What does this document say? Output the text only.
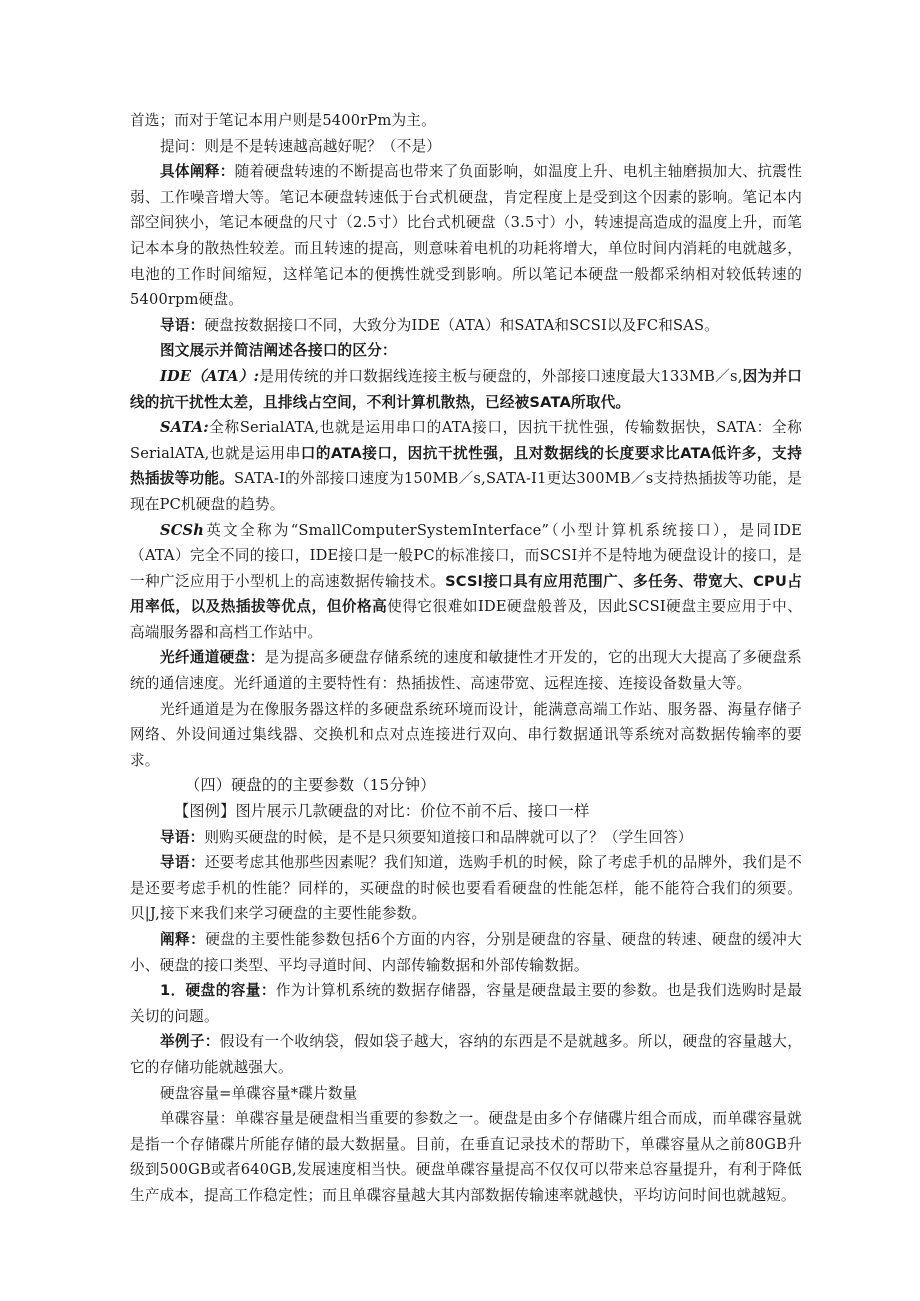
首选；而对于笔记本用户则是5400rPm为主。

提问：则是不是转速越高越好呢？（不是）

具体阐释：随着硬盘转速的不断提高也带来了负面影响，如温度上升、电机主轴磨损加大、抗震性弱、工作噪音增大等。笔记本硬盘转速低于台式机硬盘，肯定程度上是受到这个因素的影响。笔记本内部空间狭小，笔记本硬盘的尺寸（2.5寸）比台式机硬盘（3.5寸）小，转速提高造成的温度上升，而笔记本本身的散热性较差。而且转速的提高，则意味着电机的功耗将增大，单位时间内消耗的电就越多，电池的工作时间缩短，这样笔记本的便携性就受到影响。所以笔记本硬盘一般都采纳相对较低转速的5400rpm硬盘。

导语：硬盘按数据接口不同，大致分为IDE（ATA）和SATA和SCSI以及FC和SAS。

图文展示并简洁阐述各接口的区分：

IDE（ATA）:是用传统的并口数据线连接主板与硬盘的，外部接口速度最大133MB／s,因为并口线的抗干扰性太差，且排线占空间，不利计算机散热，已经被SATA所取代。

SATA:全称SerialATA,也就是运用串口的ATA接口，因抗干扰性强，传输数据快，SATA：全称SerialATA,也就是运用串口的ATA接口，因抗干扰性强，且对数据线的长度要求比ATA低许多，支持热插拔等功能。SATA-I的外部接口速度为150MB／s,SATA-I1更达300MB／s支持热插拔等功能，是现在PC机硬盘的趋势。

SCSh英文全称为“SmallComputerSystemInterface”（小型计算机系统接口），是同IDE（ATA）完全不同的接口，IDE接口是一般PC的标准接口，而SCSI并不是特地为硬盘设计的接口，是一种广泛应用于小型机上的高速数据传输技术。SCSl接口具有应用范围广、多任务、带宽大、CPU占用率低，以及热插拔等优点，但价格高使得它很难如IDE硬盘般普及，因此SCSI硬盘主要应用于中、高端服务器和高档工作站中。

光纤通道硬盘：是为提高多硬盘存储系统的速度和敏捷性才开发的，它的出现大大提高了多硬盘系统的通信速度。光纤通道的主要特性有：热插拔性、高速带宽、远程连接、连接设备数量大等。

光纤通道是为在像服务器这样的多硬盘系统环境而设计，能满意高端工作站、服务器、海量存储子网络、外设间通过集线器、交换机和点对点连接进行双向、串行数据通讯等系统对高数据传输率的要求。

（四）硬盘的的主要参数（15分钟）

【图例】图片展示几款硬盘的对比：价位不前不后、接口一样

导语：则购买硬盘的时候，是不是只须要知道接口和品牌就可以了？（学生回答）

导语：还要考虑其他那些因素呢？我们知道，选购手机的时候，除了考虑手机的品牌外，我们是不是还要考虑手机的性能？同样的，买硬盘的时候也要看看硬盘的性能怎样，能不能符合我们的须要。贝|J,接下来我们来学习硬盘的主要性能参数。

阐释：硬盘的主要性能参数包括6个方面的内容，分别是硬盘的容量、硬盘的转速、硬盘的缓冲大小、硬盘的接口类型、平均寻道时间、内部传输数据和外部传输数据。

1．硬盘的容量：作为计算机系统的数据存储器，容量是硬盘最主要的参数。也是我们选购时是最关切的问题。

举例子：假设有一个收纳袋，假如袋子越大，容纳的东西是不是就越多。所以，硬盘的容量越大，它的存储功能就越强大。

硬盘容量=单碟容量*碟片数量

单碟容量：单碟容量是硬盘相当重要的参数之一。硬盘是由多个存储碟片组合而成，而单碟容量就是指一个存储碟片所能存储的最大数据量。目前，在垂直记录技术的帮助下，单碟容量从之前80GB升级到500GB或者640GB,发展速度相当快。硬盘单碟容量提高不仅仅可以带来总容量提升，有利于降低生产成本，提高工作稳定性；而且单碟容量越大其内部数据传输速率就越快，平均访问时间也就越短。
